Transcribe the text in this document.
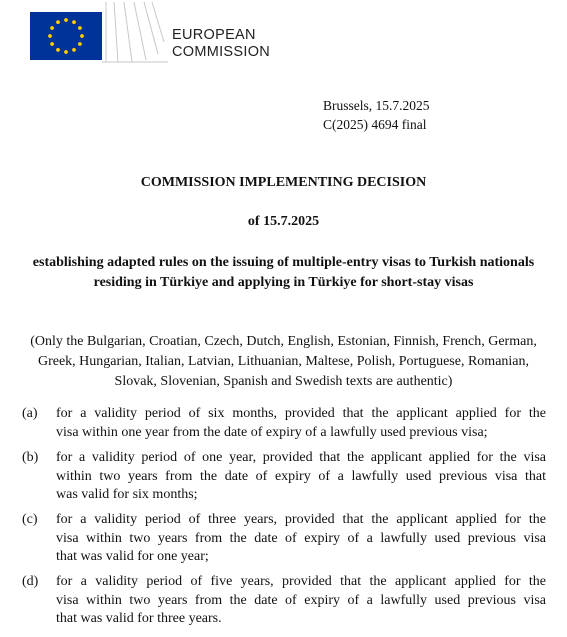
EUROPEAN
COMMISSION
Brussels, 15.7.2025
C(2025) 4694 final
COMMISSION IMPLEMENTING DECISION
of 15.7.2025
establishing adapted rules on the issuing of multiple-entry visas to Turkish nationals
residing in Türkiye and applying in Türkiye for short-stay visas
(Only the Bulgarian, Croatian, Czech, Dutch, English, Estonian, Finnish, French, German,
Greek, Hungarian, Italian, Latvian, Lithuanian, Maltese, Polish, Portuguese, Romanian,
Slovak, Slovenian, Spanish and Swedish texts are authentic)
(a) for a validity period of six months, provided that the applicant applied for the
visa within one year from the date of expiry of a lawfully used previous visa;
(b) for a validity period of one year, provided that the applicant applied for the visa
within two years from the date of expiry of a lawfully used previous visa that
was valid for six months;
(c) for a validity period of three years, provided that the applicant applied for the
visa within two years from the date of expiry of a lawfully used previous visa
that was valid for one year;
(d) for a validity period of five years, provided that the applicant applied for the
visa within two years from the date of expiry of a lawfully used previous visa
that was valid for three years.
